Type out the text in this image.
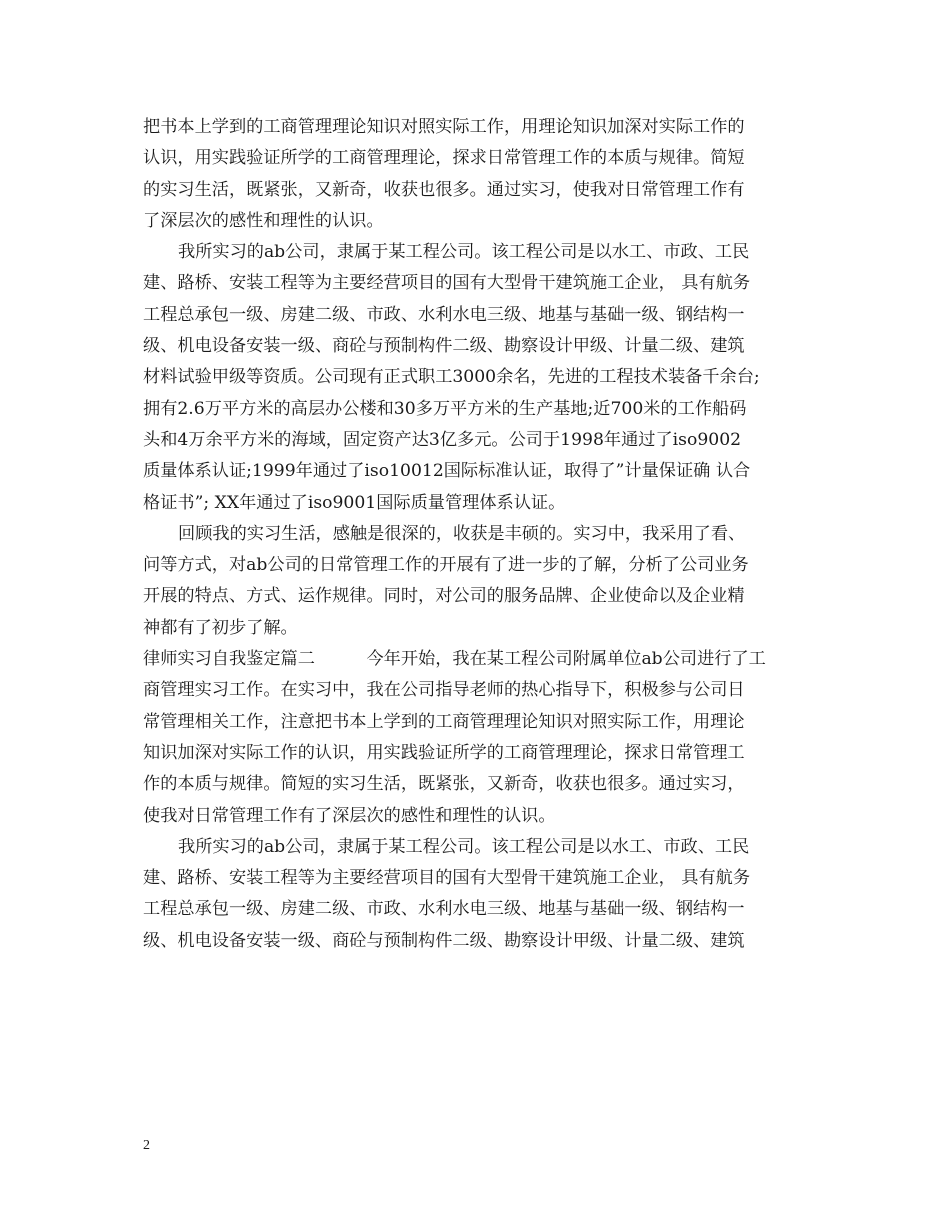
把书本上学到的工商管理理论知识对照实际工作，用理论知识加深对实际工作的
认识，用实践验证所学的工商管理理论，探求日常管理工作的本质与规律。简短
的实习生活，既紧张，又新奇，收获也很多。通过实习，使我对日常管理工作有
了深层次的感性和理性的认识。
我所实习的ab公司，隶属于某工程公司。该工程公司是以水工、市政、工民
建、路桥、安装工程等为主要经营项目的国有大型骨干建筑施工企业， 具有航务
工程总承包一级、房建二级、市政、水利水电三级、地基与基础一级、钢结构一
级、机电设备安装一级、商砼与预制构件二级、勘察设计甲级、计量二级、建筑
材料试验甲级等资质。公司现有正式职工3000余名，先进的工程技术装备千余台;
拥有2.6万平方米的高层办公楼和30多万平方米的生产基地;近700米的工作船码
头和4万余平方米的海域，固定资产达3亿多元。公司于1998年通过了iso9002
质量体系认证;1999年通过了iso10012国际标准认证，取得了”计量保证确 认合
格证书”; XX年通过了iso9001国际质量管理体系认证。
回顾我的实习生活，感触是很深的，收获是丰硕的。实习中，我采用了看、
问等方式，对ab公司的日常管理工作的开展有了进一步的了解，分析了公司业务
开展的特点、方式、运作规律。同时，对公司的服务品牌、企业使命以及企业精
神都有了初步了解。
律师实习自我鉴定篇二　　　今年开始，我在某工程公司附属单位ab公司进行了工
商管理实习工作。在实习中，我在公司指导老师的热心指导下，积极参与公司日
常管理相关工作，注意把书本上学到的工商管理理论知识对照实际工作，用理论
知识加深对实际工作的认识，用实践验证所学的工商管理理论，探求日常管理工
作的本质与规律。简短的实习生活，既紧张，又新奇，收获也很多。通过实习，
使我对日常管理工作有了深层次的感性和理性的认识。
我所实习的ab公司，隶属于某工程公司。该工程公司是以水工、市政、工民
建、路桥、安装工程等为主要经营项目的国有大型骨干建筑施工企业， 具有航务
工程总承包一级、房建二级、市政、水利水电三级、地基与基础一级、钢结构一
级、机电设备安装一级、商砼与预制构件二级、勘察设计甲级、计量二级、建筑
2
